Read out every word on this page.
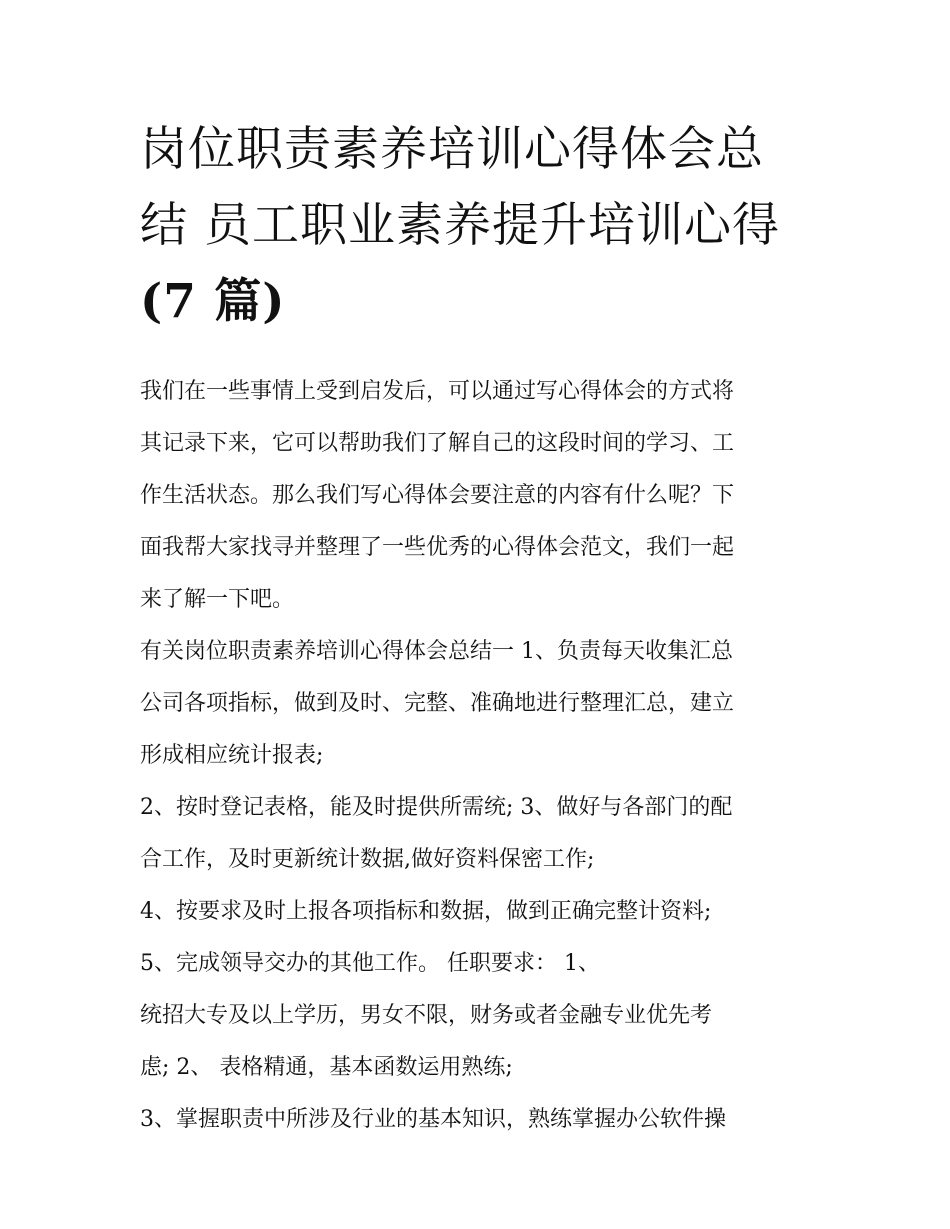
岗位职责素养培训心得体会总
结 员工职业素养提升培训心得
(7 篇)

我们在一些事情上受到启发后，可以通过写心得体会的方式将
其记录下来，它可以帮助我们了解自己的这段时间的学习、工
作生活状态。那么我们写心得体会要注意的内容有什么呢？下
面我帮大家找寻并整理了一些优秀的心得体会范文，我们一起
来了解一下吧。

有关岗位职责素养培训心得体会总结一 1、负责每天收集汇总
公司各项指标，做到及时、完整、准确地进行整理汇总，建立
形成相应统计报表;

2、按时登记表格，能及时提供所需统; 3、做好与各部门的配
合工作，及时更新统计数据,做好资料保密工作;

4、按要求及时上报各项指标和数据，做到正确完整计资料;

5、完成领导交办的其他工作。 任职要求： 1、

统招大专及以上学历，男女不限，财务或者金融专业优先考
虑; 2、 表格精通，基本函数运用熟练;

3、掌握职责中所涉及行业的基本知识，熟练掌握办公软件操
